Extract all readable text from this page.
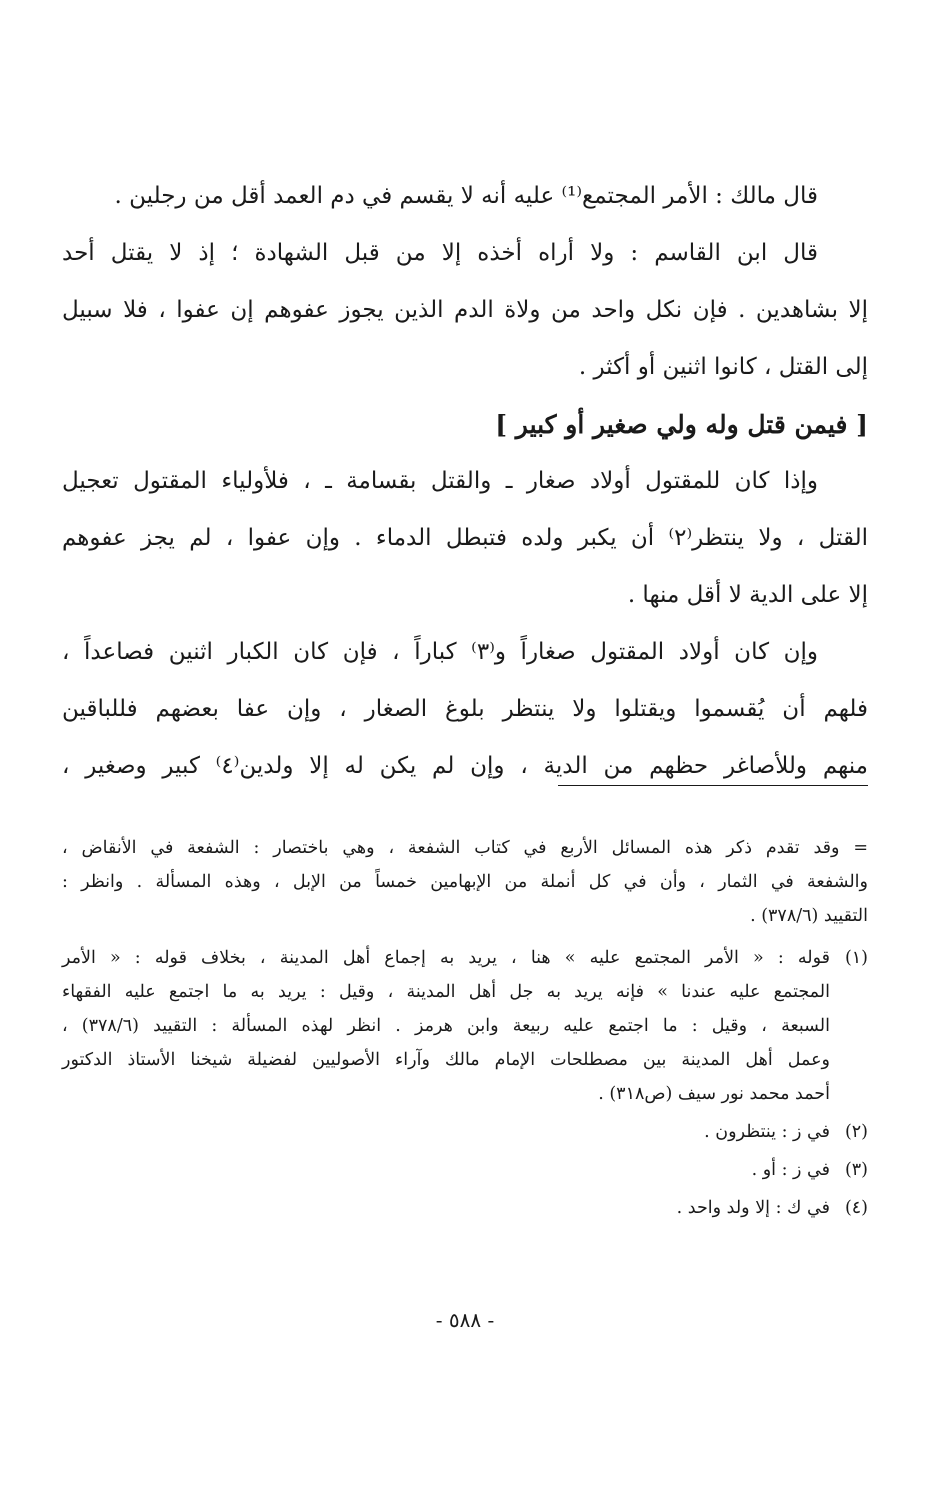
قال مالك : الأمر المجتمع⁽¹⁾ عليه أنه لا يقسم في دم العمد أقل من رجلين .
قال ابن القاسم : ولا أراه أخذه إلا من قبل الشهادة ؛ إذ لا يقتل أحد
إلا بشاهدين . فإن نكل واحد من ولاة الدم الذين يجوز عفوهم إن عفوا ، فلا سبيل
إلى القتل ، كانوا اثنين أو أكثر .
[ فيمن قتل وله ولي صغير أو كبير ]
وإذا كان للمقتول أولاد صغار ـ والقتل بقسامة ـ ، فلأولياء المقتول تعجيل
القتل ، ولا ينتظر⁽٢⁾ أن يكبر ولده فتبطل الدماء . وإن عفوا ، لم يجز عفوهم
إلا على الدية لا أقل منها .
وإن كان أولاد المقتول صغاراً و⁽٣⁾ كباراً ، فإن كان الكبار اثنين فصاعداً ،
فلهم أن يُقسموا ويقتلوا ولا ينتظر بلوغ الصغار ، وإن عفا بعضهم فللباقين
منهم وللأصاغر حظهم من الدية ، وإن لم يكن له إلا ولدين⁽٤⁾ كبير وصغير ،
= وقد تقدم ذكر هذه المسائل الأربع في كتاب الشفعة ، وهي باختصار : الشفعة في الأنقاض ،
والشفعة في الثمار ، وأن في كل أنملة من الإبهامين خمساً من الإبل ، وهذه المسألة . وانظر :
التقييد (٣٧٨/٦) .
(١)قوله : « الأمر المجتمع عليه » هنا ، يريد به إجماع أهل المدينة ، بخلاف قوله : « الأمر
المجتمع عليه عندنا » فإنه يريد به جل أهل المدينة ، وقيل : يريد به ما اجتمع عليه الفقهاء
السبعة ، وقيل : ما اجتمع عليه ربيعة وابن هرمز . انظر لهذه المسألة : التقييد (٣٧٨/٦) ،
وعمل أهل المدينة بين مصطلحات الإمام مالك وآراء الأصوليين لفضيلة شيخنا الأستاذ الدكتور
أحمد محمد نور سيف (ص٣١٨) .
(٢)في ز : ينتظرون .
(٣)في ز : أو .
(٤)في ك : إلا ولد واحد .
- ٥٨٨ -
